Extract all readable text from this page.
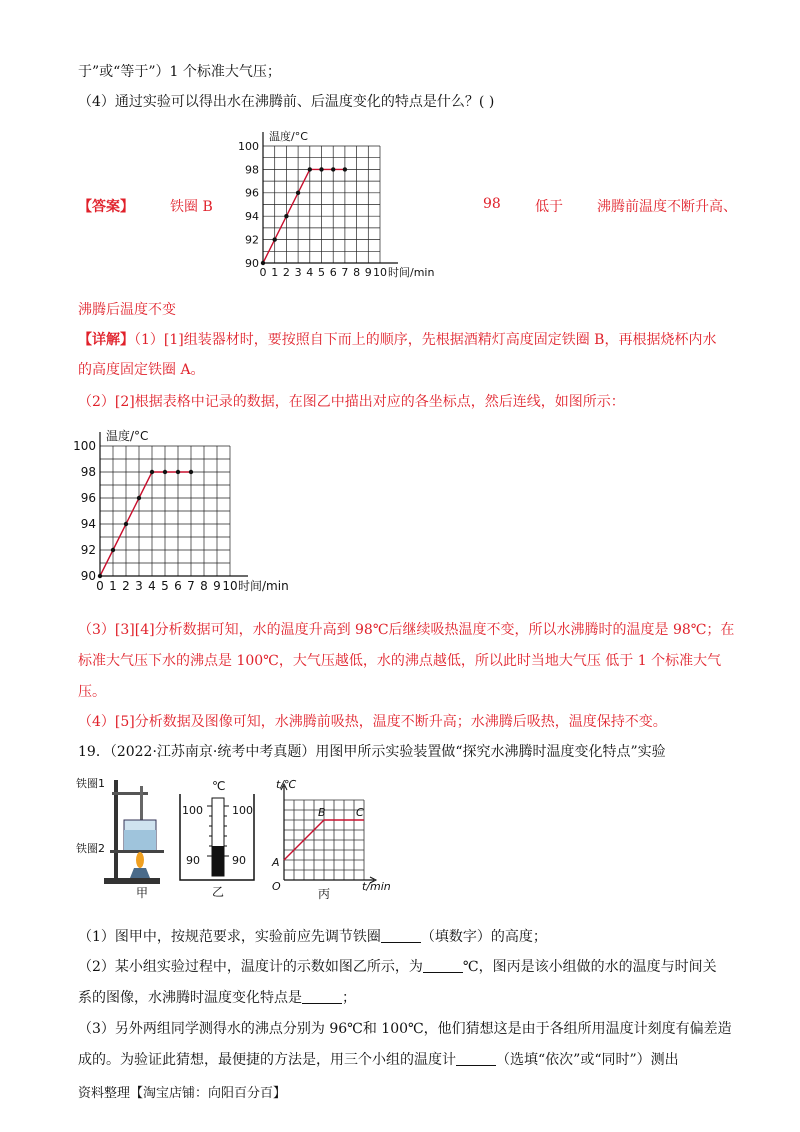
于”或“等于”）1 个标准大气压；
（4）通过实验可以得出水在沸腾前、后温度变化的特点是什么？( )
【答案】	铁圈 B	98 低于 沸腾前温度不断升高、
90
92
94
96
98
100
0 1 2 3 4 5 6 7 8 9 10
温度/°C
时间/min
沸腾后温度不变
【详解】（1）[1]组装器材时，要按照自下而上的顺序，先根据酒精灯高度固定铁圈 B，再根据烧杯内水
的高度固定铁圈 A。
（2）[2]根据表格中记录的数据，在图乙中描出对应的各坐标点，然后连线，如图所示：
90
92
94
96
98
100
0 1 2 3 4 5 6 7 8 9 10
温度/°C
时间/min
（3）[3][4]分析数据可知，水的温度升高到 98℃后继续吸热温度不变，所以水沸腾时的温度是 98℃；在
标准大气压下水的沸点是 100℃，大气压越低，水的沸点越低，所以此时当地大气压 低于 1 个标准大气
压。
（4）[5]分析数据及图像可知，水沸腾前吸热，温度不断升高；水沸腾后吸热，温度保持不变。
19．（2022·江苏南京·统考中考真题）用图甲所示实验装置做“探究水沸腾时温度变化特点”实验
铁圈1
铁圈2
甲
℃
100	100
90	90
乙
t/℃
A
B	C
O	t/min
丙
（1）图甲中，按规范要求，实验前应先调节铁圈	（填数字）的高度；
（2）某小组实验过程中，温度计的示数如图乙所示，为	℃，图丙是该小组做的水的温度与时间关
系的图像，水沸腾时温度变化特点是	；
（3）另外两组同学测得水的沸点分别为 96℃和 100℃，他们猜想这是由于各组所用温度计刻度有偏差造
成的。为验证此猜想，最便捷的方法是，用三个小组的温度计	（选填“依次”或“同时”）测出
资料整理【淘宝店铺：向阳百分百】
